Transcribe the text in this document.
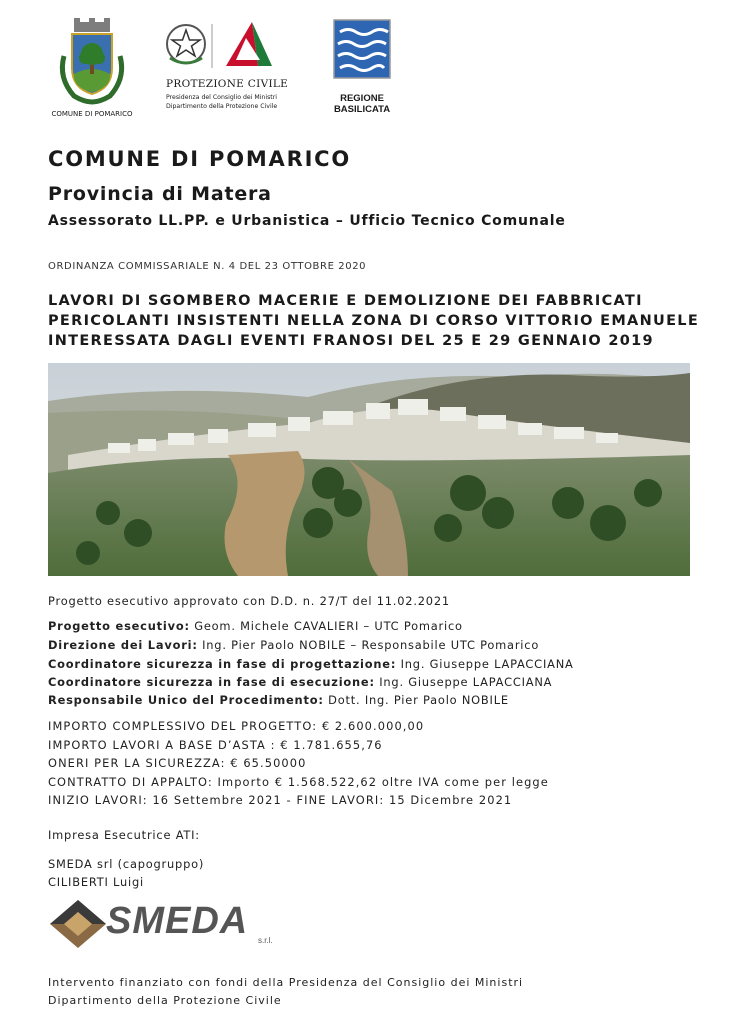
COMUNE DI POMARICO
PROTEZIONE CIVILE
Presidenza del Consiglio dei Ministri
Dipartimento della Protezione Civile
REGIONE
BASILICATA
COMUNE DI POMARICO
Provincia di Matera
Assessorato LL.PP. e Urbanistica – Ufficio Tecnico Comunale
ORDINANZA COMMISSARIALE N. 4 DEL 23 OTTOBRE 2020
LAVORI DI SGOMBERO MACERIE E DEMOLIZIONE DEI FABBRICATI
PERICOLANTI INSISTENTI NELLA ZONA DI CORSO VITTORIO EMANUELE
INTERESSATA DAGLI EVENTI FRANOSI DEL 25 E 29 GENNAIO 2019
Progetto esecutivo approvato con D.D. n. 27/T del 11.02.2021
Progetto esecutivo: Geom. Michele CAVALIERI – UTC Pomarico
Direzione dei Lavori: Ing. Pier Paolo NOBILE – Responsabile UTC Pomarico
Coordinatore sicurezza in fase di progettazione: Ing. Giuseppe LAPACCIANA
Coordinatore sicurezza in fase di esecuzione: Ing. Giuseppe LAPACCIANA
Responsabile Unico del Procedimento: Dott. Ing. Pier Paolo NOBILE
IMPORTO COMPLESSIVO DEL PROGETTO: € 2.600.000,00
IMPORTO LAVORI A BASE D’ASTA : € 1.781.655,76
ONERI PER LA SICUREZZA: € 65.50000
CONTRATTO DI APPALTO: Importo € 1.568.522,62 oltre IVA come per legge
INIZIO LAVORI: 16 Settembre 2021 - FINE LAVORI: 15 Dicembre 2021
Impresa Esecutrice ATI:
SMEDA srl (capogruppo)
CILIBERTI Luigi
SMEDA s.r.l.
Intervento finanziato con fondi della Presidenza del Consiglio dei Ministri
Dipartimento della Protezione Civile
